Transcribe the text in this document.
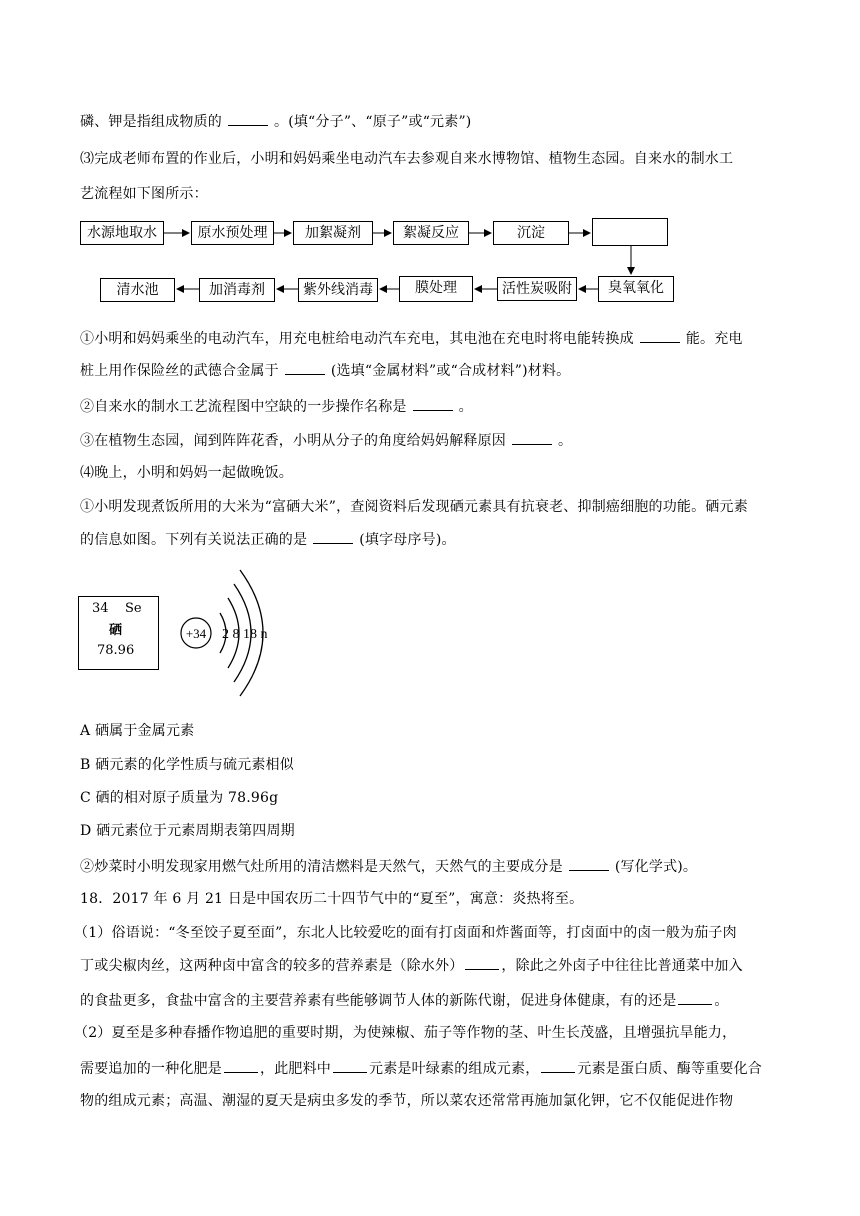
磷、钾是指组成物质的	。(填“分子”、“原子”或“元素”)
⑶完成老师布置的作业后，小明和妈妈乘坐电动汽车去参观自来水博物馆、植物生态园。自来水的制水工
艺流程如下图所示：
水源地取水	原水预处理	加絮凝剂	絮凝反应	沉淀
清水池	加消毒剂	紫外线消毒	膜处理	活性炭吸附	臭氧氧化
①小明和妈妈乘坐的电动汽车，用充电桩给电动汽车充电，其电池在充电时将电能转换成	能。充电
桩上用作保险丝的武德合金属于	(选填“金属材料”或“合成材料”)材料。
②自来水的制水工艺流程图中空缺的一步操作名称是	。
③在植物生态园，闻到阵阵花香，小明从分子的角度给妈妈解释原因	。
⑷晚上，小明和妈妈一起做晚饭。
①小明发现煮饭所用的大米为“富硒大米”，查阅资料后发现硒元素具有抗衰老、抑制癌细胞的功能。硒元素
的信息如图。下列有关说法正确的是	(填字母序号)。
34 Se
硒
78.96
+34 2 8 18 n
A 硒属于金属元素
B 硒元素的化学性质与硫元素相似
C 硒的相对原子质量为 78.96g
D 硒元素位于元素周期表第四周期
②炒菜时小明发现家用燃气灶所用的清洁燃料是天然气，天然气的主要成分是	(写化学式)。
18．2017 年 6 月 21 日是中国农历二十四节气中的“夏至”，寓意：炎热将至。
（1）俗语说：“冬至饺子夏至面”，东北人比较爱吃的面有打卤面和炸酱面等，打卤面中的卤一般为茄子肉
丁或尖椒肉丝，这两种卤中富含的较多的营养素是（除水外）	，除此之外卤子中往往比普通菜中加入
的食盐更多，食盐中富含的主要营养素有些能够调节人体的新陈代谢，促进身体健康，有的还是	。
（2）夏至是多种春播作物追肥的重要时期，为使辣椒、茄子等作物的茎、叶生长茂盛，且增强抗旱能力，
需要追加的一种化肥是	，此肥料中	元素是叶绿素的组成元素，	元素是蛋白质、酶等重要化合
物的组成元素；高温、潮湿的夏天是病虫多发的季节，所以菜农还常常再施加氯化钾，它不仅能促进作物
